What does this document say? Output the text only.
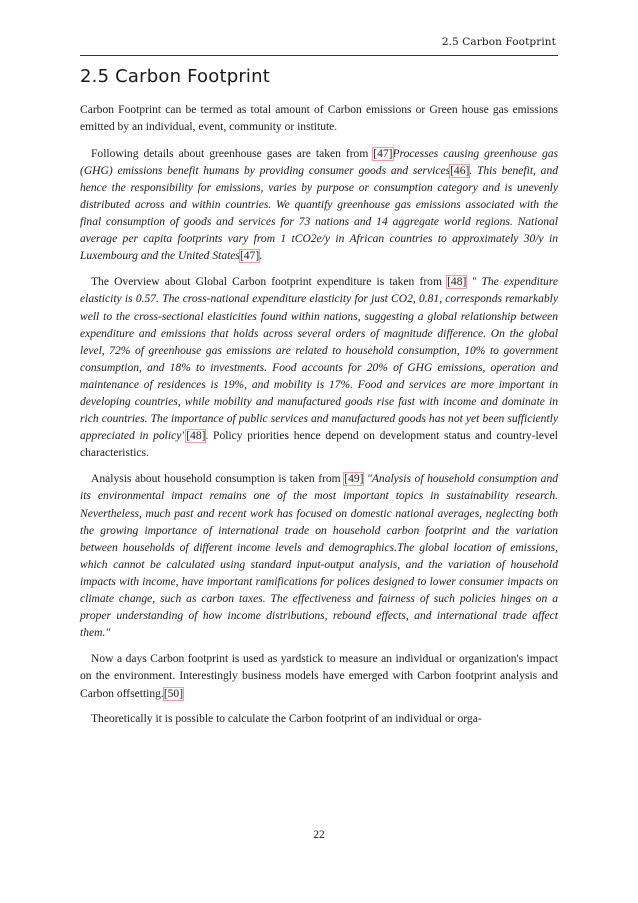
2.5 Carbon Footprint
2.5 Carbon Footprint

Carbon Footprint can be termed as total amount of Carbon emissions or Green house gas emissions emitted by an individual, event, community or institute.

Following details about greenhouse gases are taken from [47]Processes causing greenhouse gas (GHG) emissions benefit humans by providing consumer goods and services[46]. This benefit, and hence the responsibility for emissions, varies by purpose or consumption category and is unevenly distributed across and within countries. We quantify greenhouse gas emissions associated with the final consumption of goods and services for 73 nations and 14 aggregate world regions. National average per capita footprints vary from 1 tCO2e/y in African countries to approximately 30/y in Luxembourg and the United States[47].

The Overview about Global Carbon footprint expenditure is taken from [48] " The expenditure elasticity is 0.57. The cross-national expenditure elasticity for just CO2, 0.81, corresponds remarkably well to the cross-sectional elasticities found within nations, suggesting a global relationship between expenditure and emissions that holds across several orders of magnitude difference. On the global level, 72% of greenhouse gas emissions are related to household consumption, 10% to government consumption, and 18% to investments. Food accounts for 20% of GHG emissions, operation and maintenance of residences is 19%, and mobility is 17%. Food and services are more important in developing countries, while mobility and manufactured goods rise fast with income and dominate in rich countries. The importance of public services and manufactured goods has not yet been sufficiently appreciated in policy"[48]. Policy priorities hence depend on development status and country-level characteristics.

Analysis about household consumption is taken from [49] "Analysis of household consumption and its environmental impact remains one of the most important topics in sustainability research. Nevertheless, much past and recent work has focused on domestic national averages, neglecting both the growing importance of international trade on household carbon footprint and the variation between households of different income levels and demographics.The global location of emissions, which cannot be calculated using standard input-output analysis, and the variation of household impacts with income, have important ramifications for polices designed to lower consumer impacts on climate change, such as carbon taxes. The effectiveness and fairness of such policies hinges on a proper understanding of how income distributions, rebound effects, and international trade affect them."

Now a days Carbon footprint is used as yardstick to measure an individual or organization's impact on the environment. Interestingly business models have emerged with Carbon footprint analysis and Carbon offsetting.[50]

Theoretically it is possible to calculate the Carbon footprint of an individual or orga-

22
